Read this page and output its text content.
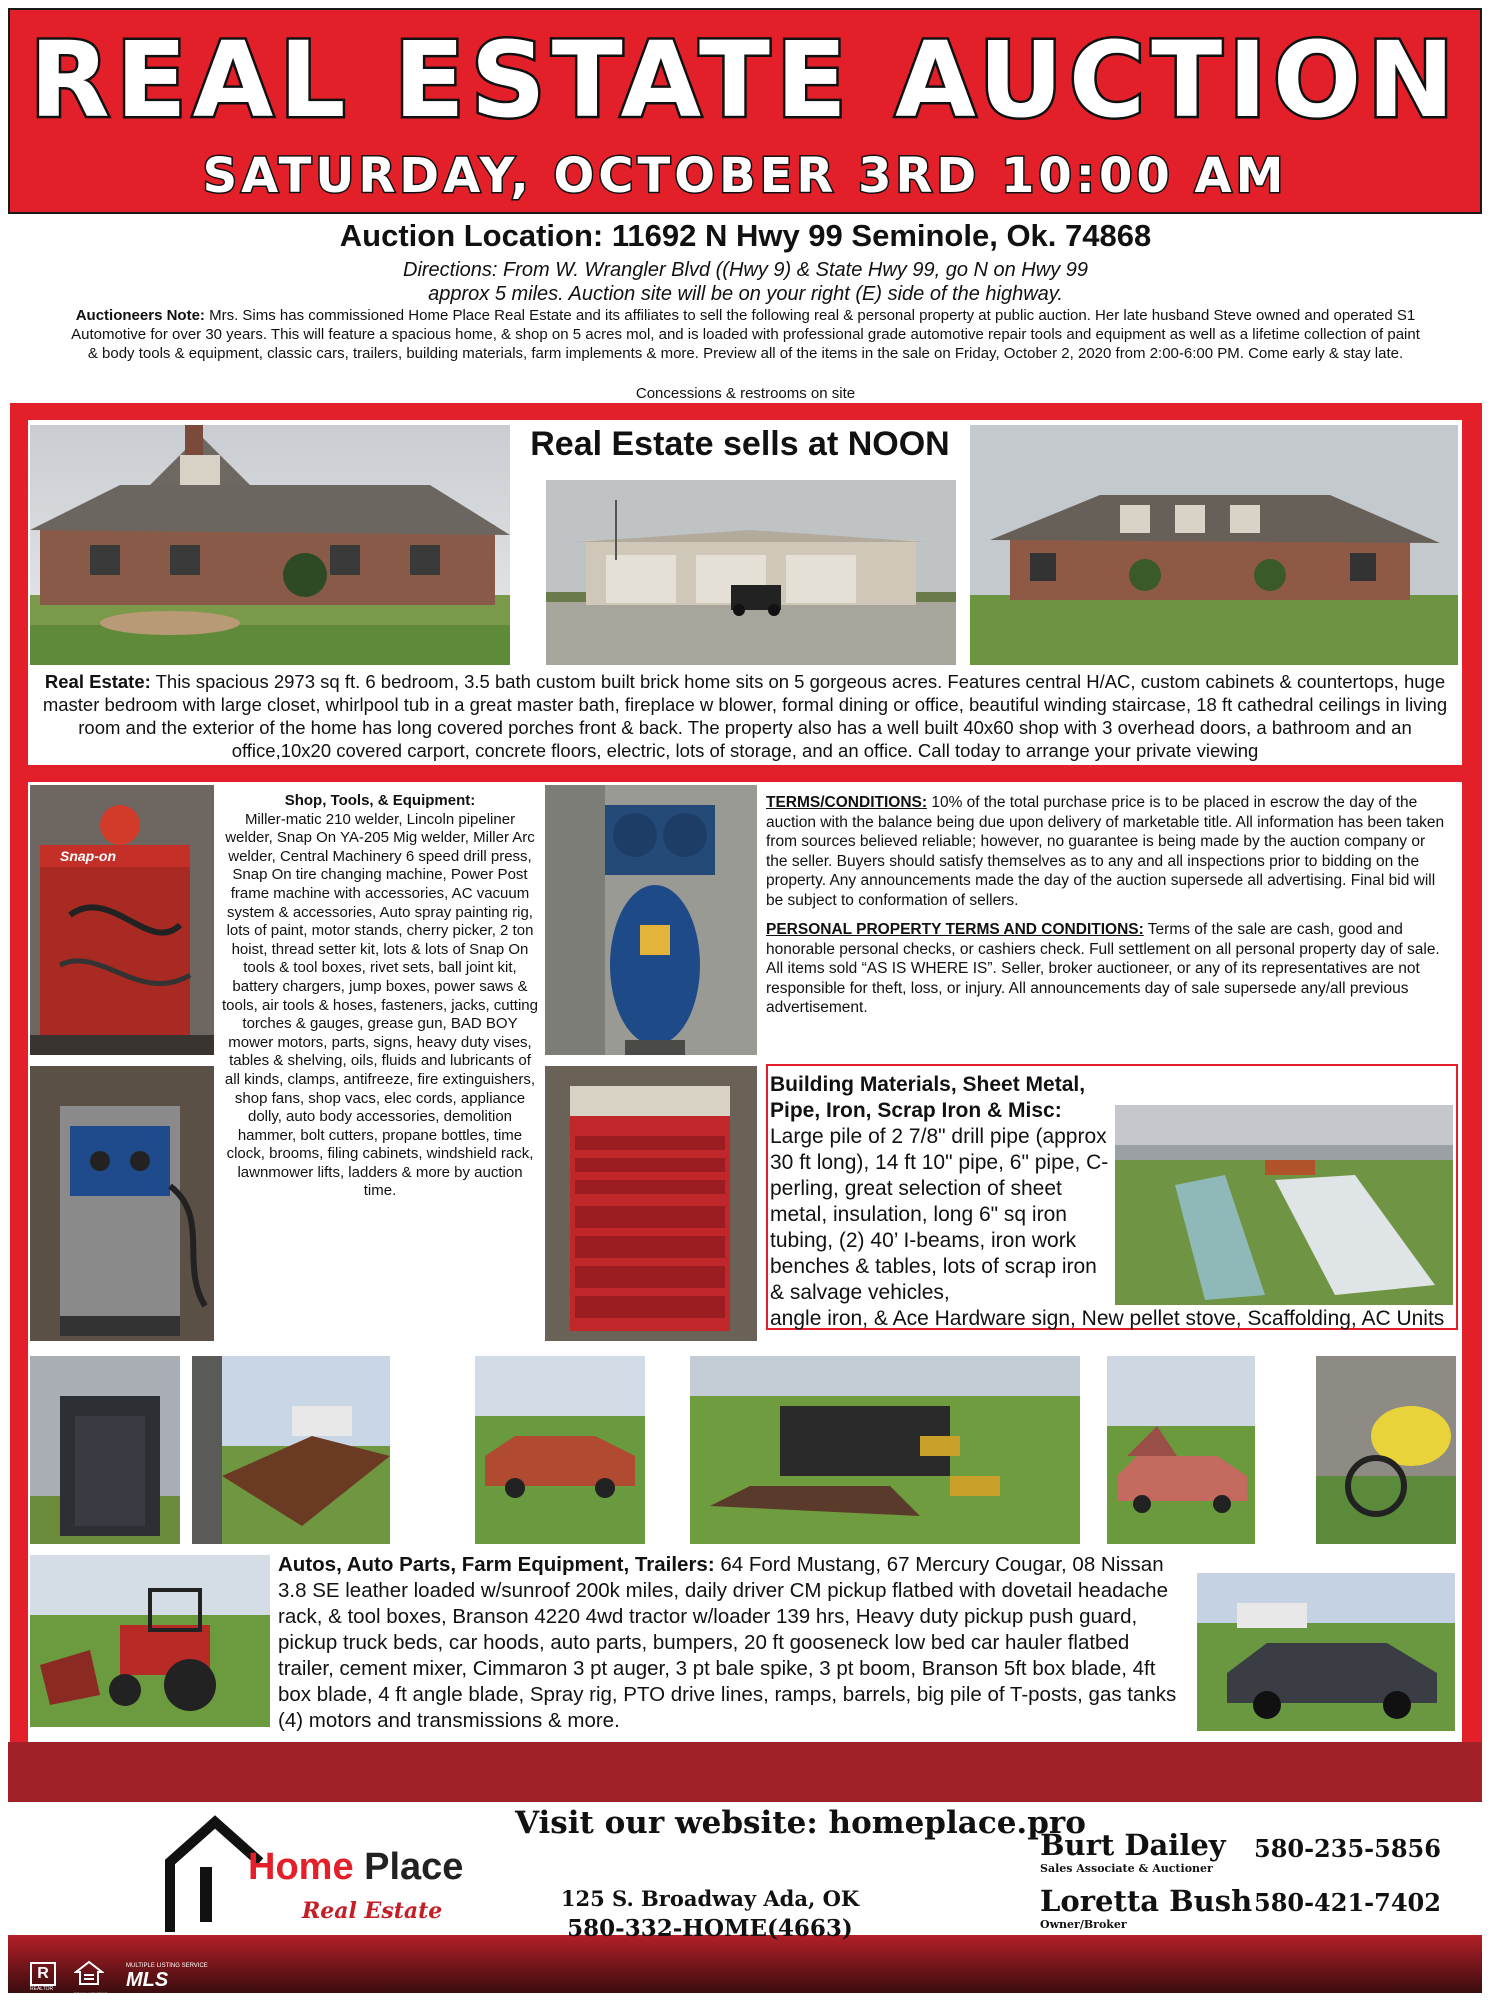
REAL ESTATE AUCTION
SATURDAY, OCTOBER 3RD 10:00 AM
Auction Location: 11692 N Hwy 99 Seminole, Ok. 74868
Directions: From W. Wrangler Blvd ((Hwy 9) & State Hwy 99, go N on Hwy 99
approx 5 miles. Auction site will be on your right (E) side of the highway.
Auctioneers Note: Mrs. Sims has commissioned Home Place Real Estate and its affiliates to sell the following real & personal property at public auction. Her late husband Steve owned and operated S1 Automotive for over 30 years. This will feature a spacious home, & shop on 5 acres mol, and is loaded with professional grade automotive repair tools and equipment as well as a lifetime collection of paint & body tools & equipment, classic cars, trailers, building materials, farm implements & more. Preview all of the items in the sale on Friday, October 2, 2020 from 2:00-6:00 PM. Come early & stay late.
Concessions & restrooms on site
Real Estate sells at NOON
Real Estate: This spacious 2973 sq ft. 6 bedroom, 3.5 bath custom built brick home sits on 5 gorgeous acres. Features central H/AC, custom cabinets & countertops, huge master bedroom with large closet, whirlpool tub in a great master bath, fireplace w blower, formal dining or office, beautiful winding staircase, 18 ft cathedral ceilings in living room and the exterior of the home has long covered porches front & back. The property also has a well built 40x60 shop with 3 overhead doors, a bathroom and an office,10x20 covered carport, concrete floors, electric, lots of storage, and an office. Call today to arrange your private viewing
Snap-on
Shop, Tools, & Equipment:
Miller-matic 210 welder, Lincoln pipeliner welder, Snap On YA-205 Mig welder, Miller Arc welder, Central Machinery 6 speed drill press, Snap On tire changing machine, Power Post frame machine with accessories, AC vacuum system & accessories, Auto spray painting rig, lots of paint, motor stands, cherry picker, 2 ton hoist, thread setter kit, lots & lots of Snap On tools & tool boxes, rivet sets, ball joint kit, battery chargers, jump boxes, power saws & tools, air tools & hoses, fasteners, jacks, cutting torches & gauges, grease gun, BAD BOY mower motors, parts, signs, heavy duty vises, tables & shelving, oils, fluids and lubricants of all kinds, clamps, antifreeze, fire extinguishers, shop fans, shop vacs, elec cords, appliance dolly, auto body accessories, demolition hammer, bolt cutters, propane bottles, time clock, brooms, filing cabinets, windshield rack, lawnmower lifts, ladders & more by auction time.
TERMS/CONDITIONS: 10% of the total purchase price is to be placed in escrow the day of the auction with the balance being due upon delivery of marketable title. All information has been taken from sources believed reliable; however, no guarantee is being made by the auction company or the seller. Buyers should satisfy themselves as to any and all inspections prior to bidding on the property. Any announcements made the day of the auction supersede all advertising. Final bid will be subject to conformation of sellers.
PERSONAL PROPERTY TERMS AND CONDITIONS: Terms of the sale are cash, good and honorable personal checks, or cashiers check. Full settlement on all personal property day of sale. All items sold “AS IS WHERE IS”. Seller, broker auctioneer, or any of its representatives are not responsible for theft, loss, or injury. All announcements day of sale supersede any/all previous advertisement.
Building Materials, Sheet Metal, Pipe, Iron, Scrap Iron & Misc:
Large pile of 2 7/8" drill pipe (approx 30 ft long), 14 ft 10" pipe, 6" pipe, C-perling, great selection of sheet metal, insulation, long 6" sq iron tubing, (2) 40’ I-beams, iron work benches & tables, lots of scrap iron & salvage vehicles,
angle iron, & Ace Hardware sign, New pellet stove, Scaffolding, AC Units
Autos, Auto Parts, Farm Equipment, Trailers: 64 Ford Mustang, 67 Mercury Cougar, 08 Nissan 3.8 SE leather loaded w/sunroof 200k miles, daily driver CM pickup flatbed with dovetail headache rack, & tool boxes, Branson 4220 4wd tractor w/loader 139 hrs, Heavy duty pickup push guard, pickup truck beds, car hoods, auto parts, bumpers, 20 ft gooseneck low bed car hauler flatbed trailer, cement mixer, Cimmaron 3 pt auger, 3 pt bale spike, 3 pt boom, Branson 5ft box blade, 4ft box blade, 4 ft angle blade, Spray rig, PTO drive lines, ramps, barrels, big pile of T-posts, gas tanks (4) motors and transmissions & more.
Home Place
Real Estate
Visit our website: homeplace.pro
125 S. Broadway Ada, OK
580-332-HOME(4663)
Burt Dailey
Sales Associate & Auctioner
580-235-5856
Loretta Bush
Owner/Broker
580-421-7402
R
REALTOR
EQUAL HOUSING OPPORTUNITY
MULTIPLE LISTING SERVICE
MLS
